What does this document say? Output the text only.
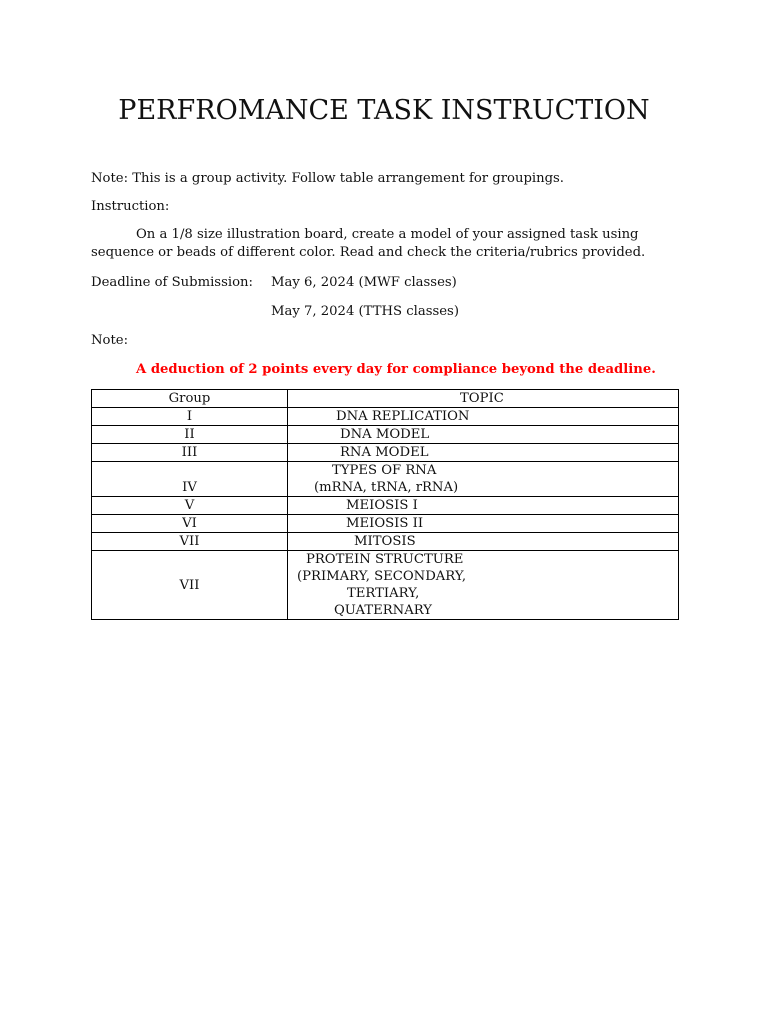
PERFROMANCE TASK INSTRUCTION
Note: This is a group activity. Follow table arrangement for groupings.
Instruction:
On a 1/8 size illustration board, create a model of your assigned task using sequence or beads of different color. Read and check the criteria/rubrics provided.
Deadline of Submission: May 6, 2024 (MWF classes)
May 7, 2024 (TTHS classes)
Note:
A deduction of 2 points every day for compliance beyond the deadline.
Group	TOPIC

I	DNA REPLICATION

II	DNA MODEL

III	RNA MODEL

IV	TYPES OF RNA
(mRNA, tRNA, rRNA)

V	MEIOSIS I

VI	MEIOSIS II

VII	MITOSIS

VII	PROTEIN STRUCTURE
(PRIMARY, SECONDARY,
TERTIARY,
QUATERNARY
